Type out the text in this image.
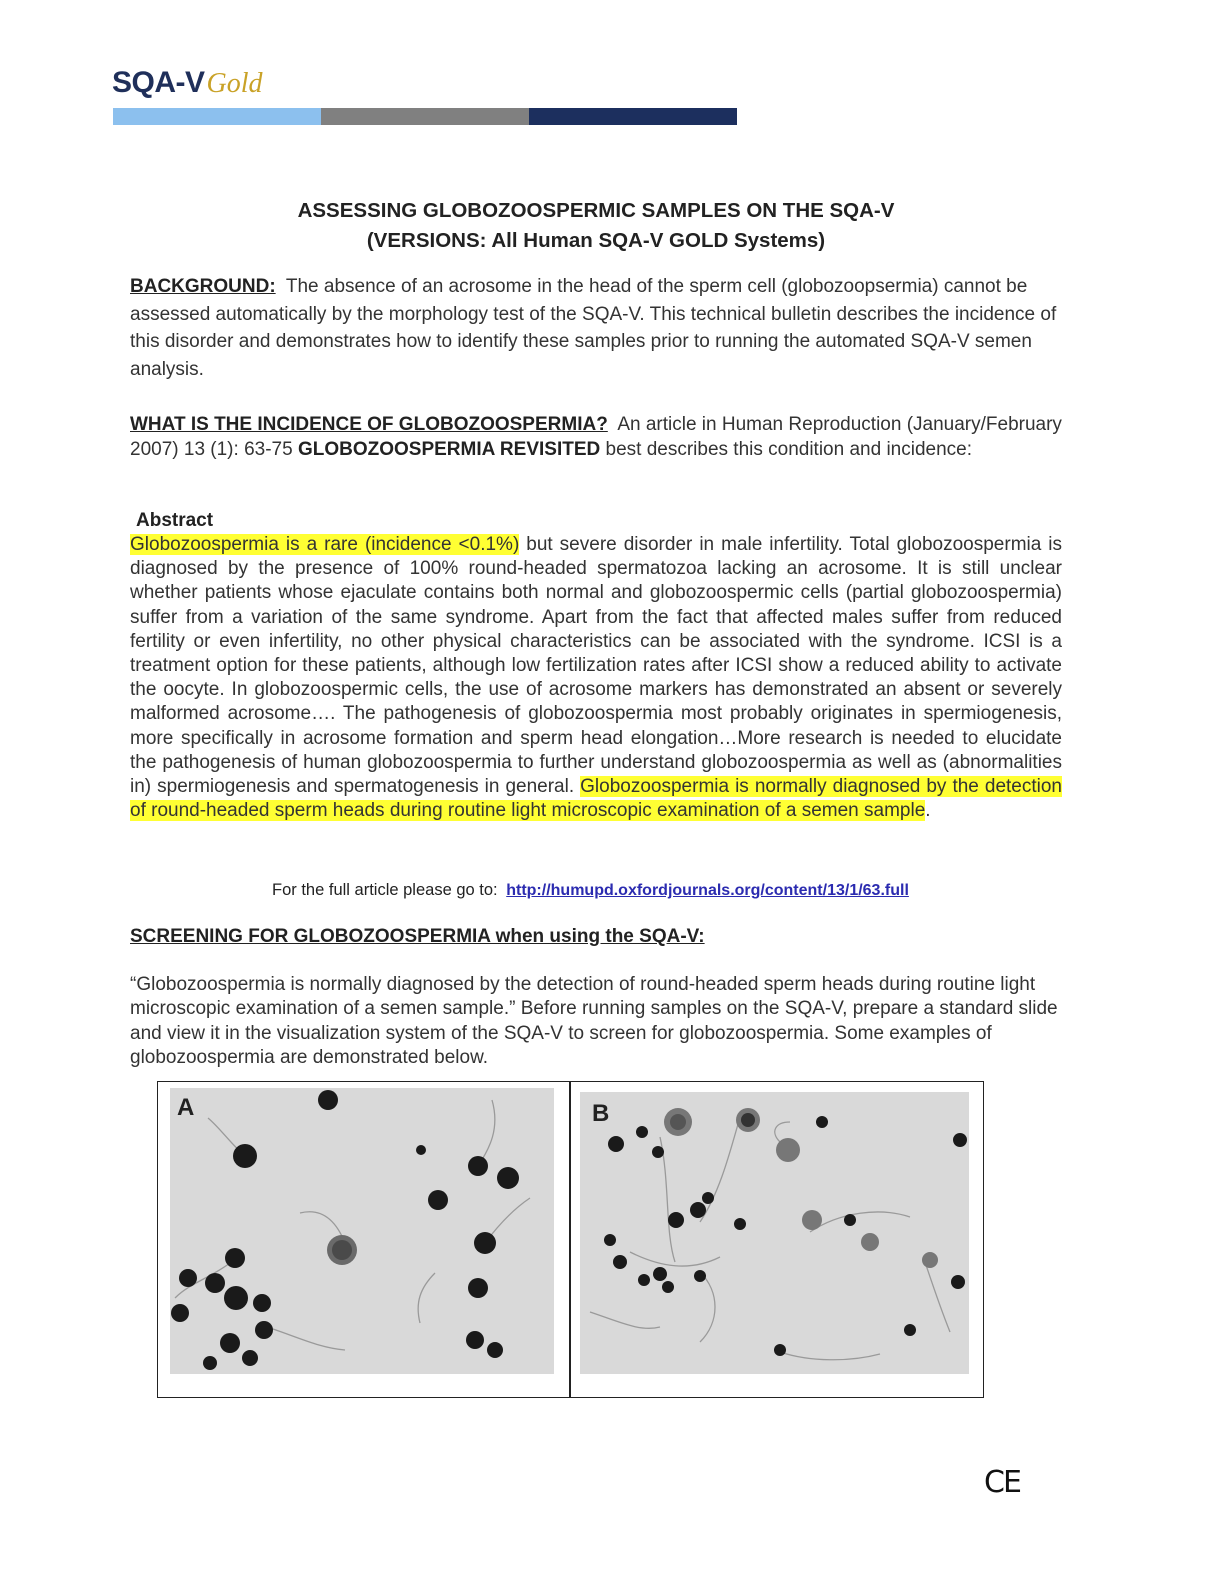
SQA-VGold
ASSESSING GLOBOZOOSPERMIC SAMPLES ON THE SQA-V
(VERSIONS: All Human SQA-V GOLD Systems)
BACKGROUND: The absence of an acrosome in the head of the sperm cell (globozoopsermia) cannot be assessed automatically by the morphology test of the SQA-V. This technical bulletin describes the incidence of this disorder and demonstrates how to identify these samples prior to running the automated SQA-V semen analysis.
WHAT IS THE INCIDENCE OF GLOBOZOOSPERMIA? An article in Human Reproduction (January/February 2007) 13 (1): 63-75 GLOBOZOOSPERMIA REVISITED best describes this condition and incidence:
Abstract
Globozoospermia is a rare (incidence <0.1%) but severe disorder in male infertility. Total globozoospermia is diagnosed by the presence of 100% round-headed spermatozoa lacking an acrosome. It is still unclear whether patients whose ejaculate contains both normal and globozoospermic cells (partial globozoospermia) suffer from a variation of the same syndrome. Apart from the fact that affected males suffer from reduced fertility or even infertility, no other physical characteristics can be associated with the syndrome. ICSI is a treatment option for these patients, although low fertilization rates after ICSI show a reduced ability to activate the oocyte. In globozoospermic cells, the use of acrosome markers has demonstrated an absent or severely malformed acrosome…. The pathogenesis of globozoospermia most probably originates in spermiogenesis, more specifically in acrosome formation and sperm head elongation…More research is needed to elucidate the pathogenesis of human globozoospermia to further understand globozoospermia as well as (abnormalities in) spermiogenesis and spermatogenesis in general. Globozoospermia is normally diagnosed by the detection of round-headed sperm heads during routine light microscopic examination of a semen sample.
For the full article please go to: http://humupd.oxfordjournals.org/content/13/1/63.full
SCREENING FOR GLOBOZOOSPERMIA when using the SQA-V:
“Globozoospermia is normally diagnosed by the detection of round-headed sperm heads during routine light microscopic examination of a semen sample.” Before running samples on the SQA-V, prepare a standard slide and view it in the visualization system of the SQA-V to screen for globozoospermia. Some examples of globozoospermia are demonstrated below.
A	B
CE
